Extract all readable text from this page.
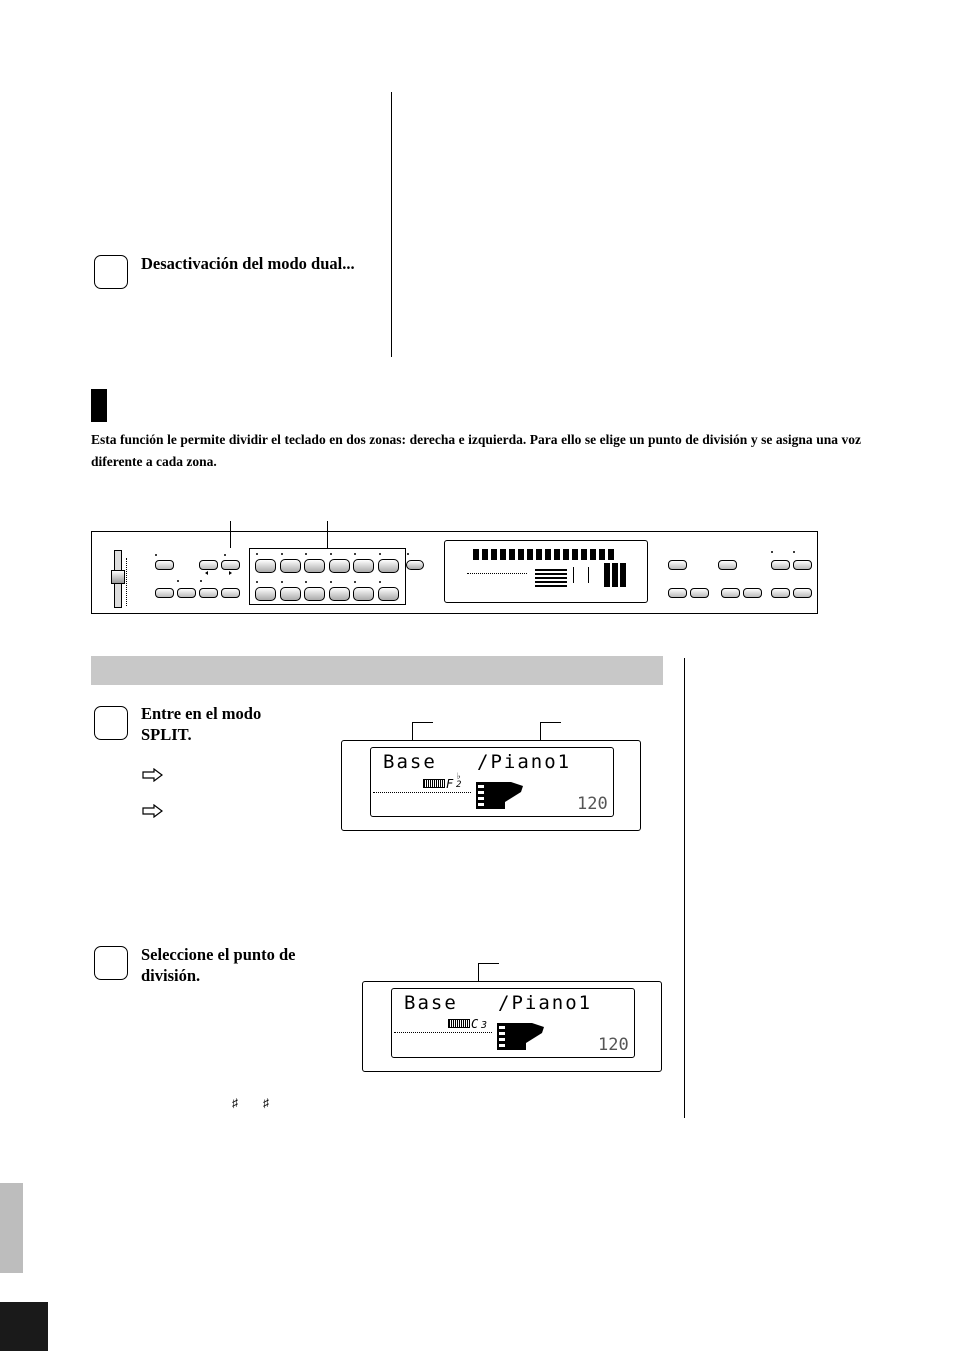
Desactivación del modo dual...
Esta función le permite dividir el teclado en dos zonas: derecha e izquierda. Para ello se elige un punto de división y se asigna una voz diferente a cada zona.
Entre en el modo SPLIT.
Base /Piano1
F ♭
2
120
Seleccione el punto de división.
Base /Piano1
C 3
120
♯ ♯
